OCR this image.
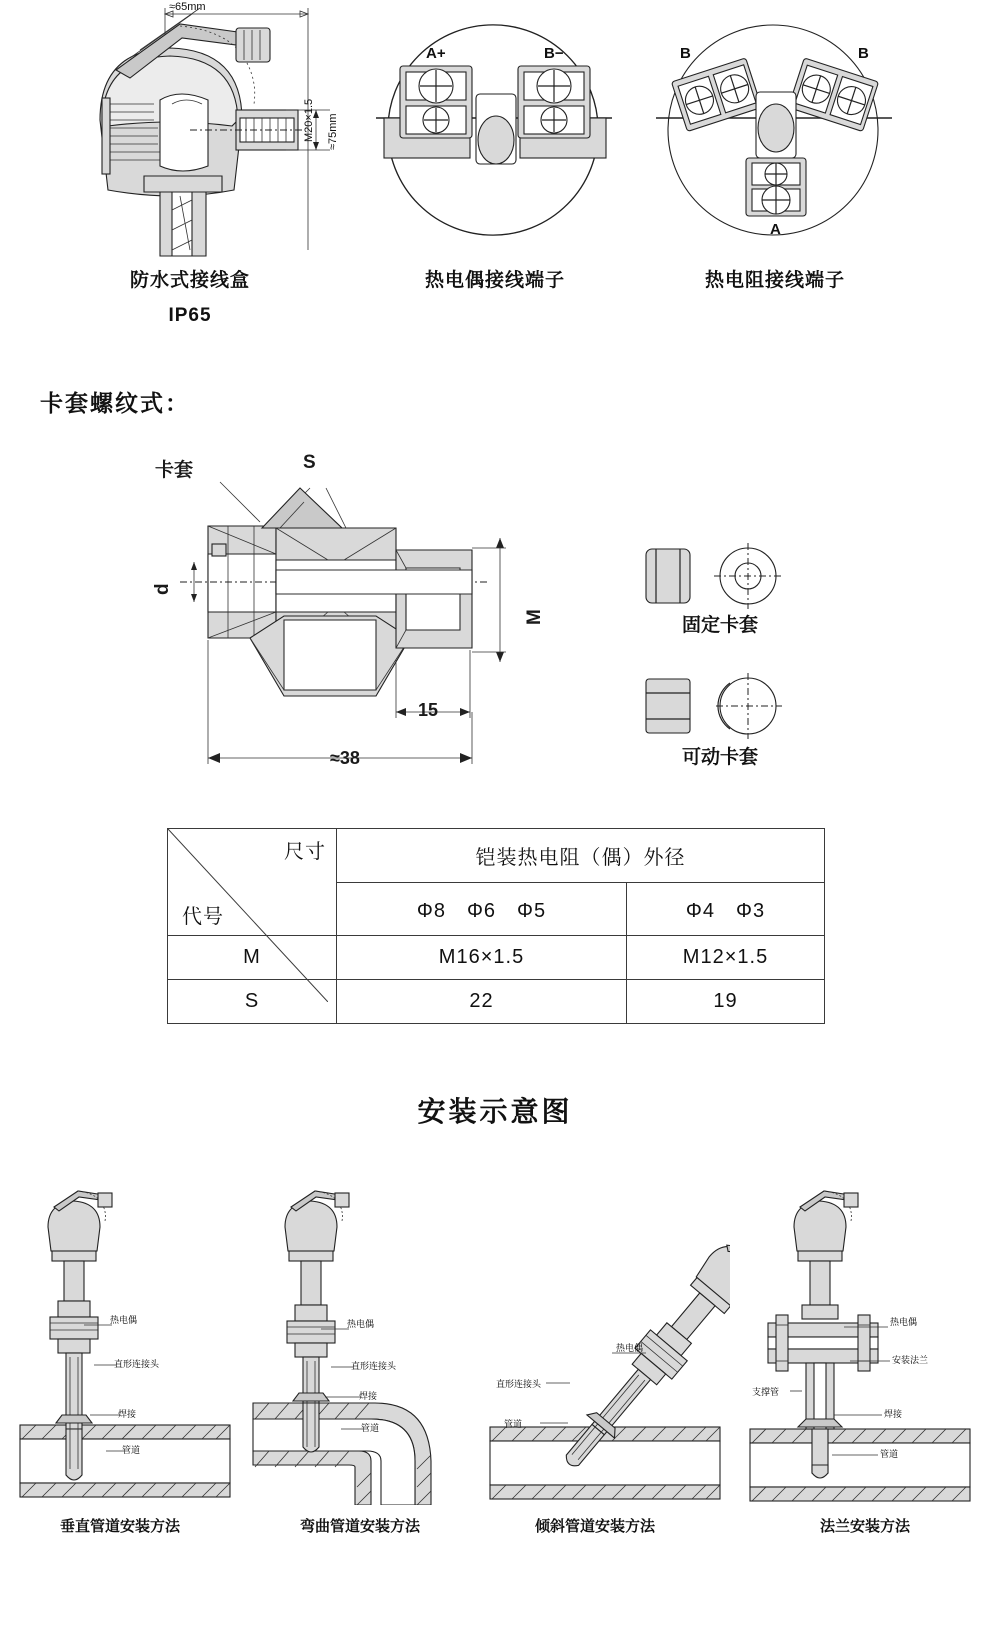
≈65mm
M20×1.5 ≈75mm
防水式接线盒
IP65
A+	B−
热电偶接线端子
B	B
A
热电阻接线端子
卡套螺纹式：
卡套	S
d
M
15
≈38
固定卡套
可动卡套
尺寸
代号	铠装热电阻（偶）外径	
	Φ8　Φ6　Φ5	Φ4　Φ3
M	M16×1.5	M12×1.5
S	22	19
安装示意图
热电偶
直形连接头
焊接
管道
垂直管道安装方法
热电偶
直形连接头
焊接
管道
弯曲管道安装方法
热电偶
直形连接头
管道
倾斜管道安装方法
热电偶
安装法兰
焊接
支撑管
管道
法兰安装方法
